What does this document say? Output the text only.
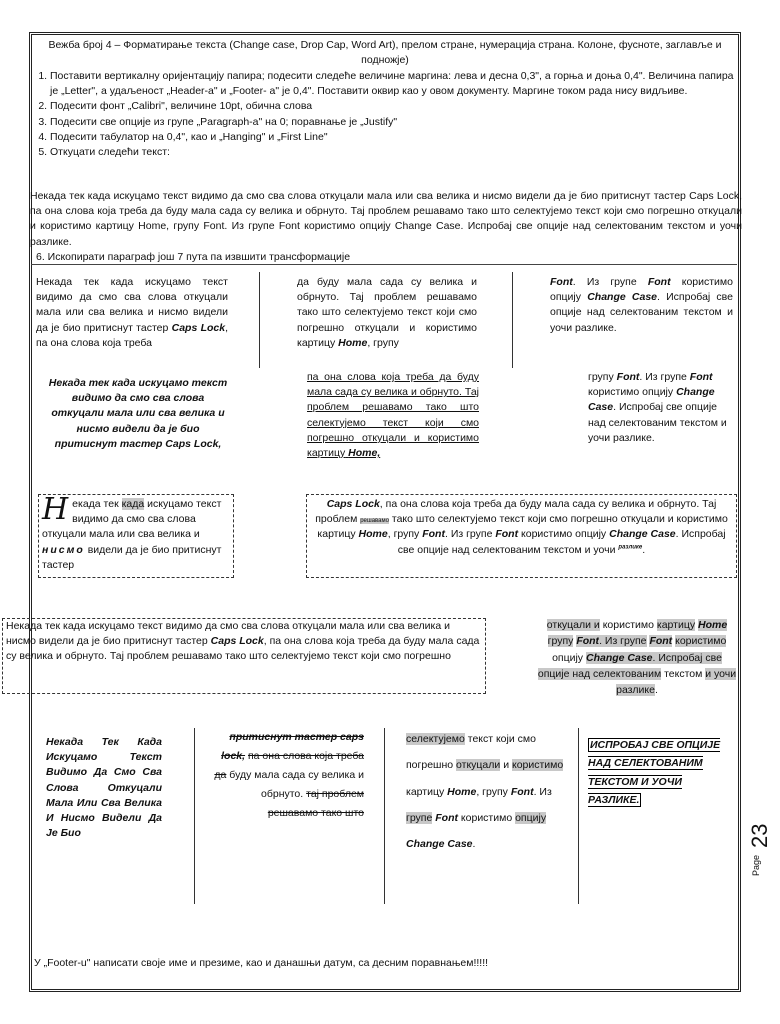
Вежба број 4 – Форматирање текста (Change case, Drop Cap, Word Art), прелом стране, нумерација страна. Колоне, фусноте, заглавље и подножје)
1. Поставити вертикалну оријентацију папира; подесити следеће величине маргина: лева и десна 0,3", а горња и доња 0,4". Величина папира је „Letter", а удаљеност „Header-a" и „Footer- a" је 0,4". Поставити оквир као у овом документу. Маргине током рада нису видљиве.
2. Подесити фонт „Calibri", величине 10pt, обична слова
3. Подесити све опције из групе „Paragraph-a" на 0; поравнање је „Justify"
4. Подесити табулатор на 0,4", као и „Hanging" и „First Line"
5. Откуцати следећи текст:
Некада тек када искуцамо текст видимо да смо сва слова откуцали мала или сва велика и нисмо видели да је био притиснут тастер Caps Lock, па она слова која треба да буду мала сада су велика и обрнуто. Тај проблем решавамо тако што селектујемо текст који смо погрешно откуцали и користимо картицу Home, групу Font. Из групе Font користимо опцију Change Case. Испробај све опције над селектованим текстом и уочи разлике.
6. Ископирати параграф још 7 пута па извшити трансформације
Некада тек када искуцамо текст видимо да смо сва слова откуцали мала или сва велика и нисмо видели да је био притиснут тастер Caps Lock, па она слова која треба
да буду мала сада су велика и обрнуто. Тај проблем решавамо тако што селектујемо текст који смо погрешно откуцали и користимо картицу Home, групу
Font. Из групе Font користимо опцију Change Case. Испробај све опције над селектованим текстом и уочи разлике.
Некада тек када искуцамо текст видимо да смо сва слова откуцали мала или сва велика и нисмо видели да је био притиснут тастер Caps Lock,
па она слова која треба да буду мала сада су велика и обрнуто. Тај проблем решавамо тако што селектујемо текст који смо погрешно откуцали и користимо картицу Home,
групу Font. Из групе Font користимо опцију Change Case. Испробај све опције над селектованим текстом и уочи разлике.
Н екада тек када искуцамо текст видимо да смо сва слова откуцали мала или сва велика и нисмо видели да је био притиснут тастер
Caps Lock, па она слова која треба да буду мала сада су велика и обрнуто. Тај проблем решавамо тако што селектујемо текст који смо погрешно откуцали и користимо картицу Home, групу Font. Из групе Font користимо опцију Change Case. Испробај све опције над селектованим текстом и уочи $^{разлике}$.
Некада тек када искуцамо текст видимо да смо сва слова откуцали мала или сва велика и нисмо видели да је био притиснут тастер Caps Lock, па она слова која треба да буду мала сада су велика и обрнуто. Тај проблем решавамо тако што селектујемо текст који смо погрешно
откуцали и користимо картицу Home групу Font. Из групе Font користимо опцију Change Case. Испробај све опције над селектованим текстом и уочи разлике.
Некада Тек Када Искуцамо Текст Видимо Да Смо Сва Слова Откуцали Мала Или Сва Велика И Нисмо Видели Да Је Био
притиснут тастер caps lock, па она слова која треба да буду мала сада су велика и обрнуто. тај проблем решавамо тако што
селектујемо текст који смо погрешно откуцали и користимо картицу Home, групу Font. Из групе Font користимо опцију Change Case.
ИСПРОБАЈ СВЕ ОПЦИЈЕ НАД СЕЛЕКТОВАНИМ ТЕКСТОМ И УОЧИ РАЗЛИКЕ.
У „Footer-u" написати своје име и презиме, као и данашњи датум, са десним поравнањем!!!!!
Page
23
